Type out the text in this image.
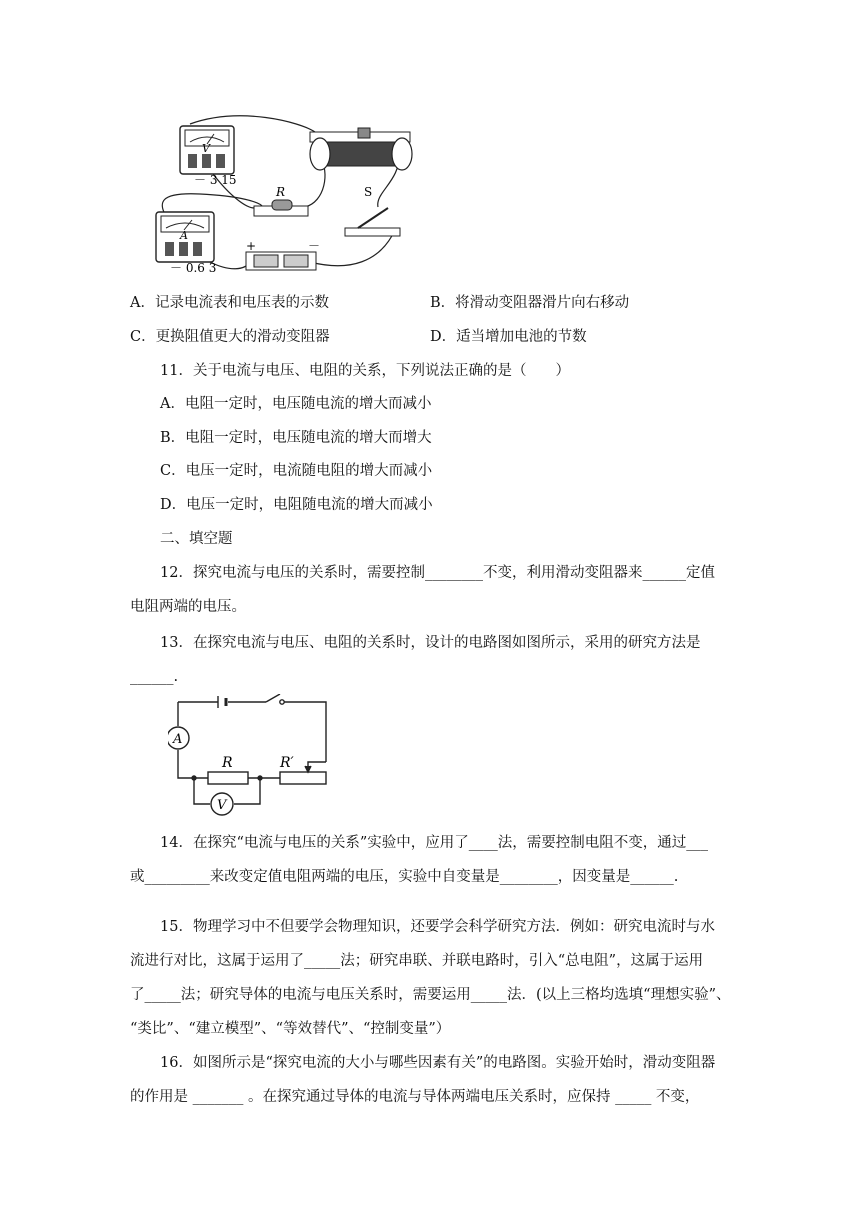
V
－ 3 15
A
－ 0.6 3
R	S
+	－
A．记录电流表和电压表的示数	B．将滑动变阻器滑片向右移动
C．更换阻值更大的滑动变阻器	D．适当增加电池的节数
11．关于电流与电压、电阻的关系，下列说法正确的是（　　）
A．电阻一定时，电压随电流的增大而减小
B．电阻一定时，电压随电流的增大而增大
C．电压一定时，电流随电阻的增大而减小
D．电压一定时，电阻随电流的增大而减小
二、填空题
12．探究电流与电压的关系时，需要控制________不变，利用滑动变阻器来______定值
电阻两端的电压。
13．在探究电流与电压、电阻的关系时，设计的电路图如图所示，采用的研究方法是
______.
A
V
R	R′
14．在探究“电流与电压的关系”实验中，应用了____法，需要控制电阻不变，通过___
或_________来改变定值电阻两端的电压，实验中自变量是________，因变量是______.
15．物理学习中不但要学会物理知识，还要学会科学研究方法．例如：研究电流时与水
流进行对比，这属于运用了_____法；研究串联、并联电路时，引入“总电阻”，这属于运用
了_____法；研究导体的电流与电压关系时，需要运用_____法．(以上三格均选填“理想实验”、
“类比”、“建立模型”、“等效替代”、“控制变量”）
16．如图所示是“探究电流的大小与哪些因素有关”的电路图。实验开始时，滑动变阻器
的作用是 _______ 。在探究通过导体的电流与导体两端电压关系时，应保持 _____ 不变，
